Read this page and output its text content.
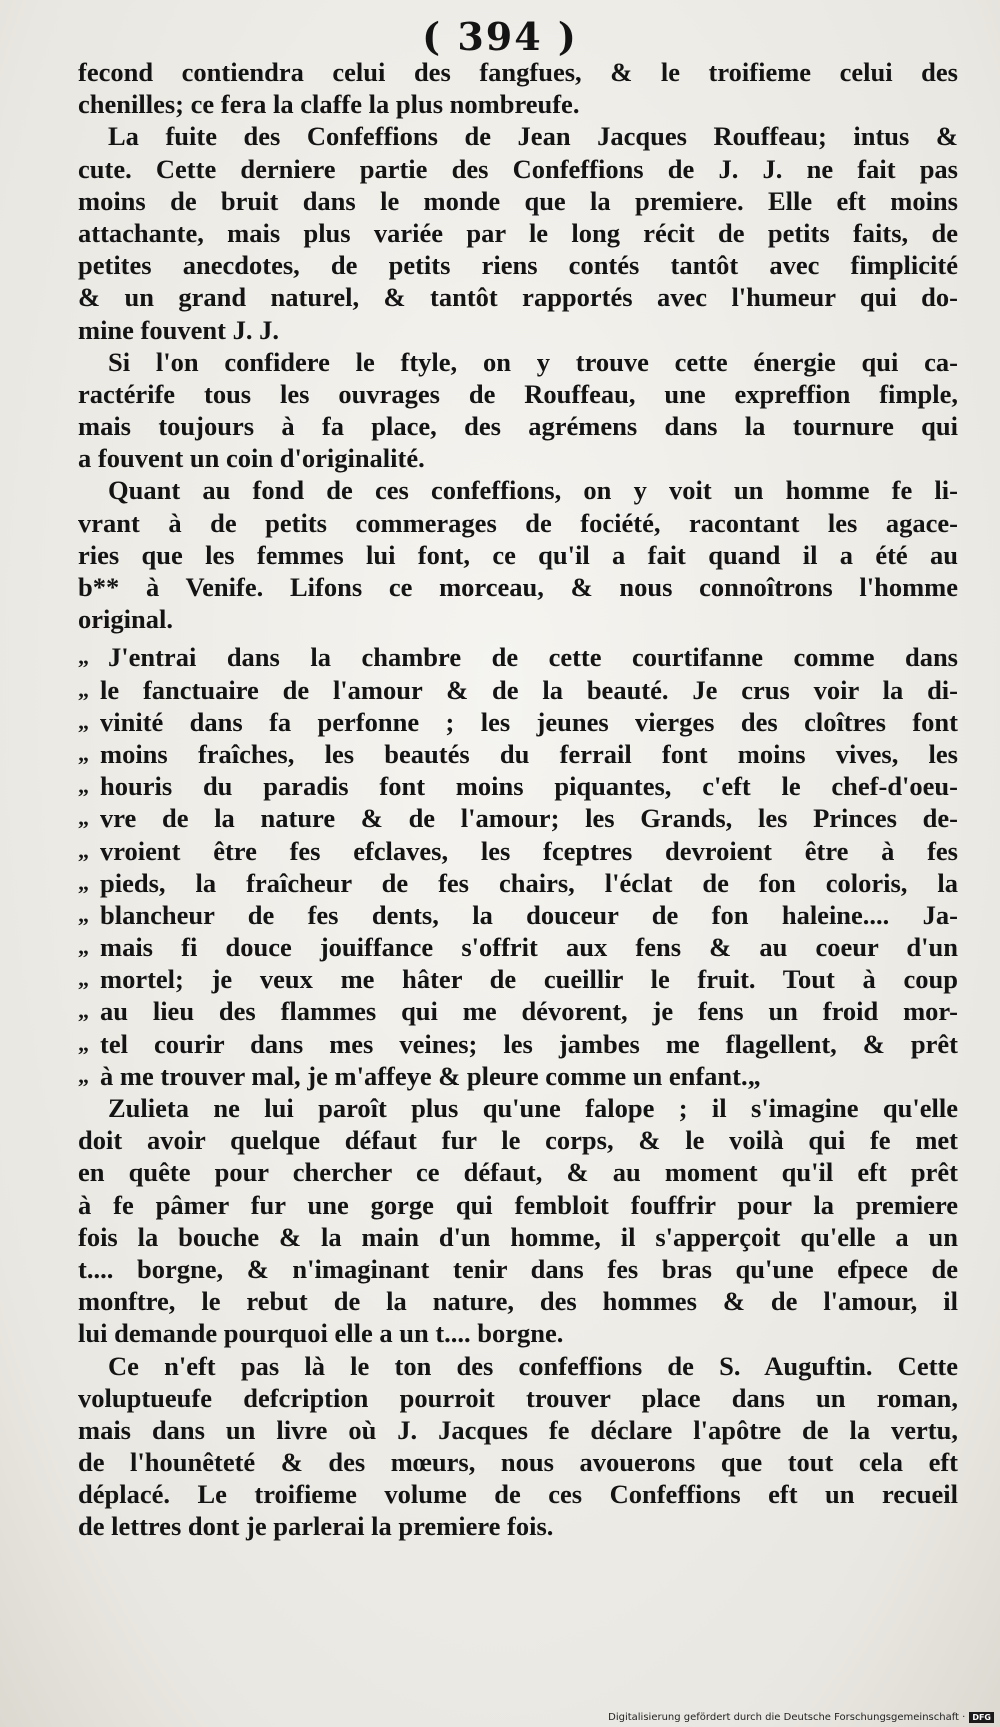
( 394 )
fecond contiendra celui des fangfues, & le troifieme celui des
chenilles; ce fera la claffe la plus nombreufe.
La fuite des Confeffions de Jean Jacques Rouffeau; intus &
cute. Cette derniere partie des Confeffions de J. J. ne fait pas
moins de bruit dans le monde que la premiere. Elle eft moins
attachante, mais plus variée par le long récit de petits faits, de
petites anecdotes, de petits riens contés tantôt avec fimplicité
& un grand naturel, & tantôt rapportés avec l'humeur qui do-
mine fouvent J. J.
Si l'on confidere le ftyle, on y trouve cette énergie qui ca-
ractérife tous les ouvrages de Rouffeau, une expreffion fimple,
mais toujours à fa place, des agrémens dans la tournure qui
a fouvent un coin d'originalité.
Quant au fond de ces confeffions, on y voit un homme fe li-
vrant à de petits commerages de fociété, racontant les agace-
ries que les femmes lui font, ce qu'il a fait quand il a été au
b** à Venife. Lifons ce morceau, & nous connoîtrons l'homme
original.
„ J'entrai dans la chambre de cette courtifanne comme dans
„ le fanctuaire de l'amour & de la beauté. Je crus voir la di-
„ vinité dans fa perfonne ; les jeunes vierges des cloîtres font
„ moins fraîches, les beautés du ferrail font moins vives, les
„ houris du paradis font moins piquantes, c'eft le chef-d'oeu-
„ vre de la nature & de l'amour; les Grands, les Princes de-
„ vroient être fes efclaves, les fceptres devroient être à fes
„ pieds, la fraîcheur de fes chairs, l'éclat de fon coloris, la
„ blancheur de fes dents, la douceur de fon haleine.... Ja-
„ mais fi douce jouiffance s'offrit aux fens & au coeur d'un
„ mortel; je veux me hâter de cueillir le fruit. Tout à coup
„ au lieu des flammes qui me dévorent, je fens un froid mor-
„ tel courir dans mes veines; les jambes me flagellent, & prêt
„ à me trouver mal, je m'affeye & pleure comme un enfant.„
Zulieta ne lui paroît plus qu'une falope ; il s'imagine qu'elle
doit avoir quelque défaut fur le corps, & le voilà qui fe met
en quête pour chercher ce défaut, & au moment qu'il eft prêt
à fe pâmer fur une gorge qui fembloit fouffrir pour la premiere
fois la bouche & la main d'un homme, il s'apperçoit qu'elle a un
t.... borgne, & n'imaginant tenir dans fes bras qu'une efpece de
monftre, le rebut de la nature, des hommes & de l'amour, il
lui demande pourquoi elle a un t.... borgne.
Ce n'eft pas là le ton des confeffions de S. Auguftin. Cette
voluptueufe defcription pourroit trouver place dans un roman,
mais dans un livre où J. Jacques fe déclare l'apôtre de la vertu,
de l'hounêteté & des mœurs, nous avouerons que tout cela eft
déplacé. Le troifieme volume de ces Confeffions eft un recueil
de lettres dont je parlerai la premiere fois.
Digitalisierung gefördert durch die Deutsche Forschungsgemeinschaft · DFG
